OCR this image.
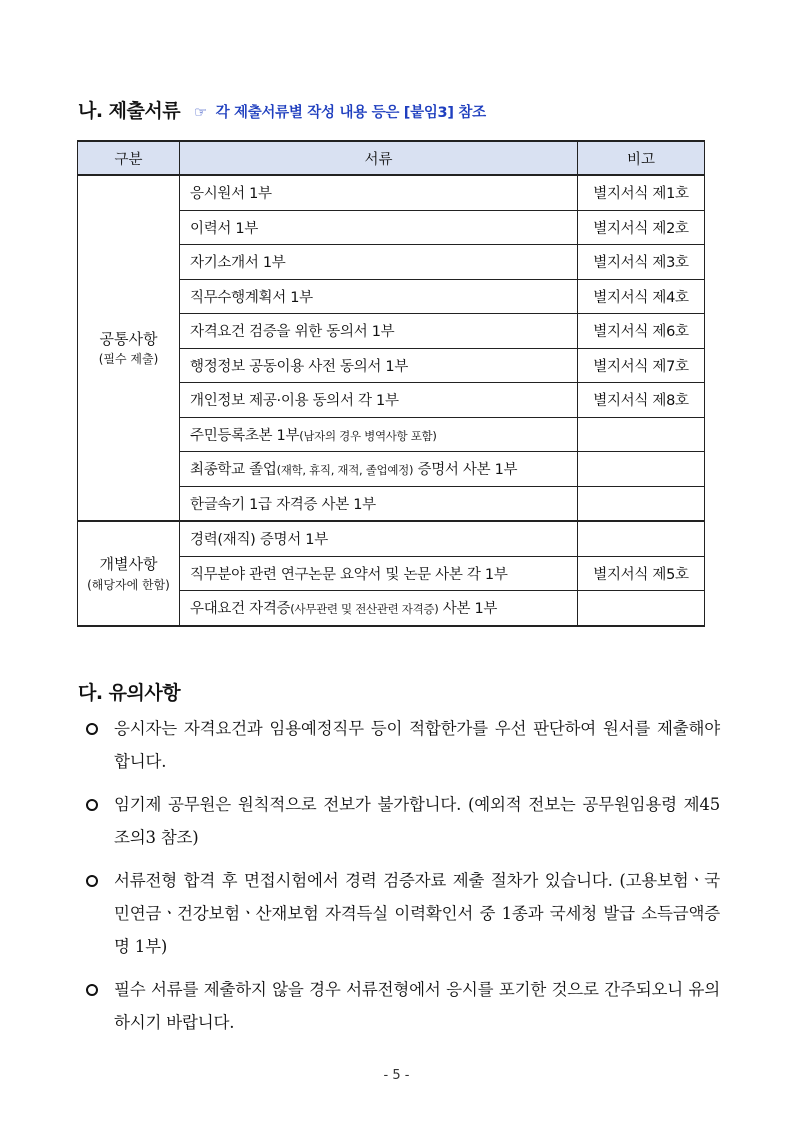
나. 제출서류 ☞ 각 제출서류별 작성 내용 등은 [붙임3] 참조
구분	서류	비고

공통사항
(필수 제출)	응시원서 1부	별지서식 제1호
	이력서 1부	별지서식 제2호
	자기소개서 1부	별지서식 제3호
	직무수행계획서 1부	별지서식 제4호
	자격요건 검증을 위한 동의서 1부	별지서식 제6호
	행정정보 공동이용 사전 동의서 1부	별지서식 제7호
	개인정보 제공·이용 동의서 각 1부	별지서식 제8호
	주민등록초본 1부(남자의 경우 병역사항 포함)	
	최종학교 졸업(재학, 휴직, 재적, 졸업예정) 증명서 사본 1부	
	한글속기 1급 자격증 사본 1부	

개별사항
(해당자에 한함)	경력(재직) 증명서 1부	
	직무분야 관련 연구논문 요약서 및 논문 사본 각 1부	별지서식 제5호
	우대요건 자격증(사무관련 및 전산관련 자격증) 사본 1부	
다. 유의사항
응시자는 자격요건과 임용예정직무 등이 적합한가를 우선 판단하여 원서를 제출해야 합니다.
임기제 공무원은 원칙적으로 전보가 불가합니다. (예외적 전보는 공무원임용령 제45조의3 참조)
서류전형 합격 후 면접시험에서 경력 검증자료 제출 절차가 있습니다. (고용보험ㆍ국민연금ㆍ건강보험ㆍ산재보험 자격득실 이력확인서 중 1종과 국세청 발급 소득금액증명 1부)
필수 서류를 제출하지 않을 경우 서류전형에서 응시를 포기한 것으로 간주되오니 유의하시기 바랍니다.
- 5 -
